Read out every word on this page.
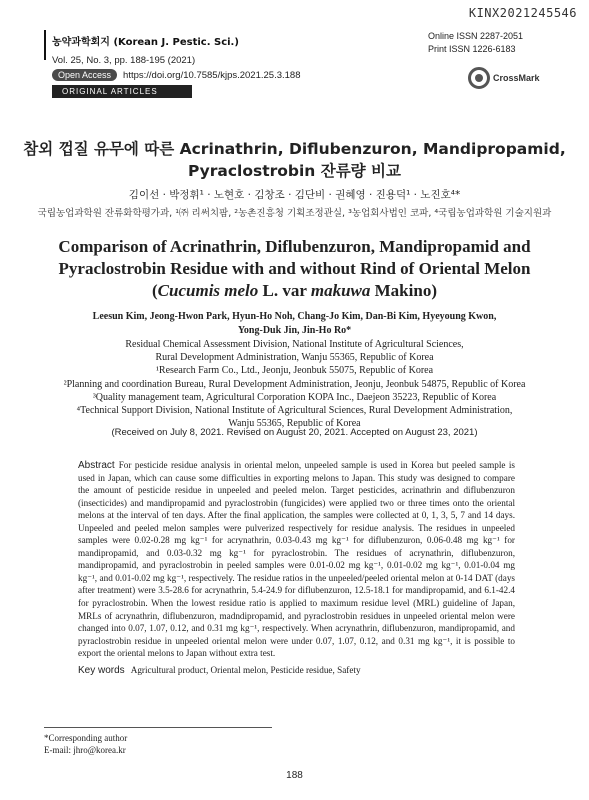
KINX2021245546
농약과학회지 (Korean J. Pestic. Sci.)
Vol. 25, No. 3, pp. 188-195 (2021)
Open Access	https://doi.org/10.7585/kjps.2021.25.3.188
ORIGINAL ARTICLES
Online ISSN 2287-2051
Print ISSN 1226-6183
CrossMark
참외 껍질 유무에 따른 Acrinathrin, Diflubenzuron, Mandipropamid,
Pyraclostrobin 잔류량 비교
김이선 · 박정휘¹ · 노현호 · 김창조 · 김단비 · 권혜영 · 진용덕¹ · 노진호⁴*
국립농업과학원 잔류화학평가과, ¹㈜ 리써치팜, ²농촌진흥청 기획조정관실, ³농업회사법인 코파, ⁴국립농업과학원 기술지원과
Comparison of Acrinathrin, Diflubenzuron, Mandipropamid and
Pyraclostrobin Residue with and without Rind of Oriental Melon
(Cucumis melo L. var makuwa Makino)
Leesun Kim, Jeong-Hwon Park, Hyun-Ho Noh, Chang-Jo Kim, Dan-Bi Kim, Hyeyoung Kwon,
Yong-Duk Jin, Jin-Ho Ro*
Residual Chemical Assessment Division, National Institute of Agricultural Sciences,
Rural Development Administration, Wanju 55365, Republic of Korea
¹Research Farm Co., Ltd., Jeonju, Jeonbuk 55075, Republic of Korea
²Planning and coordination Bureau, Rural Development Administration, Jeonju, Jeonbuk 54875, Republic of Korea
³Quality management team, Agricultural Corporation KOPA Inc., Daejeon 35223, Republic of Korea
⁴Technical Support Division, National Institute of Agricultural Sciences, Rural Development Administration,
Wanju 55365, Republic of Korea
(Received on July 8, 2021. Revised on August 20, 2021. Accepted on August 23, 2021)
Abstract For pesticide residue analysis in oriental melon, unpeeled sample is used in Korea but peeled sample is used in Japan, which can cause some difficulties in exporting melons to Japan. This study was designed to compare the amount of pesticide residue in unpeeled and peeled melon. Target pesticides, acrinathrin and diflubenzuron (insecticides) and mandipropamid and pyraclostrobin (fungicides) were applied two or three times onto the oriental melons at the interval of ten days. After the final application, the samples were collected at 0, 1, 3, 5, 7 and 14 days. Unpeeled and peeled melon samples were pulverized respectively for residue analysis. The residues in unpeeled samples were 0.02-0.28 mg kg⁻¹ for acrynathrin, 0.03-0.43 mg kg⁻¹ for diflubenzuron, 0.06-0.48 mg kg⁻¹ for mandipropamid, and 0.03-0.32 mg kg⁻¹ for pyraclostrobin. The residues of acrynathrin, diflubenzuron, mandipropamid, and pyraclostrobin in peeled samples were 0.01-0.02 mg kg⁻¹, 0.01-0.02 mg kg⁻¹, 0.01-0.04 mg kg⁻¹, and 0.01-0.02 mg kg⁻¹, respectively. The residue ratios in the unpeeled/peeled oriental melon at 0-14 DAT (days after treatment) were 3.5-28.6 for acrynathrin, 5.4-24.9 for diflubenzuron, 12.5-18.1 for mandipropamid, and 6.1-42.4 for pyraclostrobin. When the lowest residue ratio is applied to maximum residue level (MRL) guideline of Japan, MRLs of acrynathrin, diflubenzuron, madndipropamid, and pyraclostrobin residues in unpeeled oriental melon were changed into 0.07, 1.07, 0.12, and 0.31 mg kg⁻¹, respectively. When acrynathrin, diflubenzuron, mandipropamid, and pyraclostrobin residue in unpeeled oriental melon were under 0.07, 1.07, 0.12, and 0.31 mg kg⁻¹, it is possible to export the oriental melons to Japan without extra test.
Key words Agricultural product, Oriental melon, Pesticide residue, Safety
*Corresponding author
E-mail: jhro@korea.kr
188
